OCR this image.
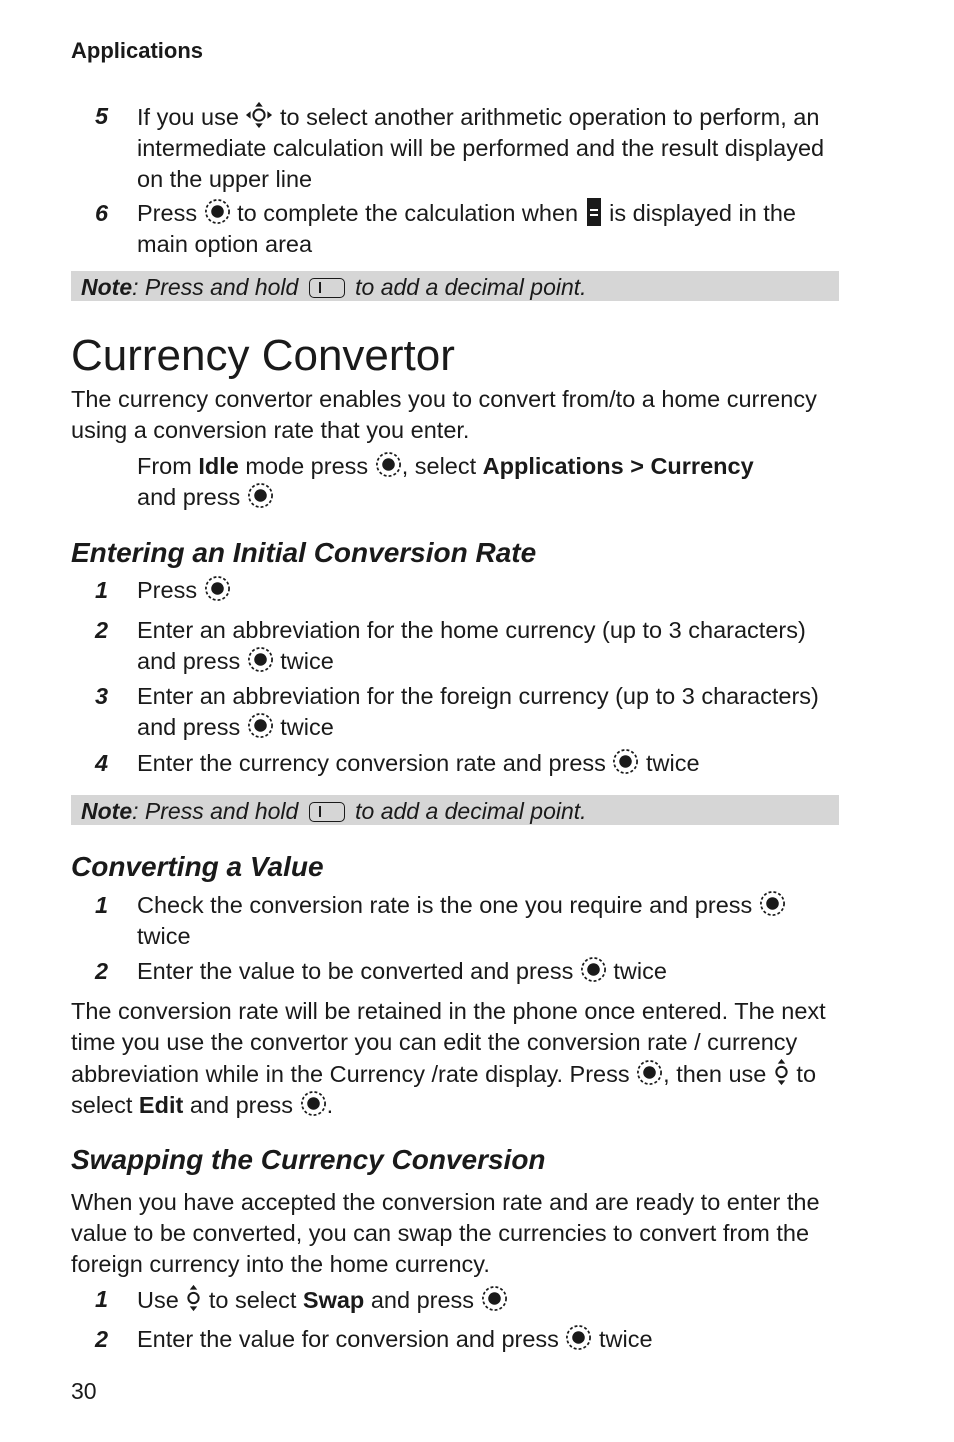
Applications
5 If you use to select another arithmetic operation to perform, an intermediate calculation will be performed and the result displayed on the upper line
6 Press to complete the calculation when is displayed in the main option area
Note: Press and hold to add a decimal point.
Currency Convertor

The currency convertor enables you to convert from/to a home currency using a conversion rate that you enter.

From Idle mode press , select Applications > Currency
and press
Entering an Initial Conversion Rate
1 Press
2 Enter an abbreviation for the home currency (up to 3 characters) and press twice
3 Enter an abbreviation for the foreign currency (up to 3 characters) and press twice
4 Enter the currency conversion rate and press twice
Note: Press and hold to add a decimal point.
Converting a Value
1 Check the conversion rate is the one you require and press  twice
2 Enter the value to be converted and press twice

The conversion rate will be retained in the phone once entered. The next time you use the convertor you can edit the conversion rate / currency abbreviation while in the Currency /rate display. Press , then use to select Edit and press .

Swapping the Currency Conversion

When you have accepted the conversion rate and are ready to enter the value to be converted, you can swap the currencies to convert from the foreign currency into the home currency.

1 Use to select Swap and press
2 Enter the value for conversion and press twice
30
